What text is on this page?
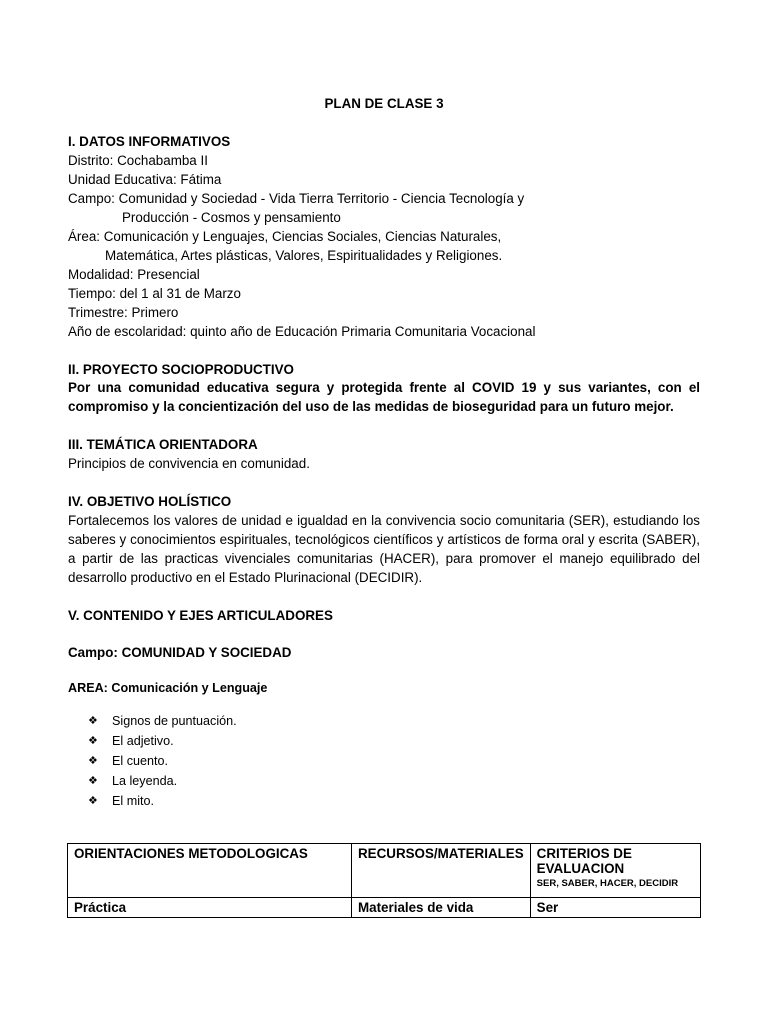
PLAN DE CLASE 3
I. DATOS INFORMATIVOS
Distrito: Cochabamba II
Unidad Educativa: Fátima
Campo: Comunidad y Sociedad - Vida Tierra Territorio - Ciencia Tecnología y
Producción - Cosmos y pensamiento
Área: Comunicación y Lenguajes, Ciencias Sociales, Ciencias Naturales,
Matemática, Artes plásticas, Valores, Espiritualidades y Religiones.
Modalidad: Presencial
Tiempo: del 1 al 31 de Marzo
Trimestre: Primero
Año de escolaridad: quinto año de Educación Primaria Comunitaria Vocacional
II. PROYECTO SOCIOPRODUCTIVO
Por una comunidad educativa segura y protegida frente al COVID 19 y sus variantes, con el compromiso y la concientización del uso de las medidas de bioseguridad para un futuro mejor.
III. TEMÁTICA ORIENTADORA
Principios de convivencia en comunidad.
IV. OBJETIVO HOLÍSTICO
Fortalecemos los valores de unidad e igualdad en la convivencia socio comunitaria (SER), estudiando los saberes y conocimientos espirituales, tecnológicos científicos y artísticos de forma oral y escrita (SABER), a partir de las practicas vivenciales comunitarias (HACER), para promover el manejo equilibrado del desarrollo productivo en el Estado Plurinacional (DECIDIR).
V. CONTENIDO Y EJES ARTICULADORES
Campo: COMUNIDAD Y SOCIEDAD
AREA: Comunicación y Lenguaje
❖	Signos de puntuación.
❖	El adjetivo.
❖	El cuento.
❖	La leyenda.
❖	El mito.
ORIENTACIONES METODOLOGICAS	RECURSOS/MATERIALES	CRITERIOS DE EVALUACION
SER, SABER, HACER, DECIDIR

Práctica	Materiales de vida	Ser
